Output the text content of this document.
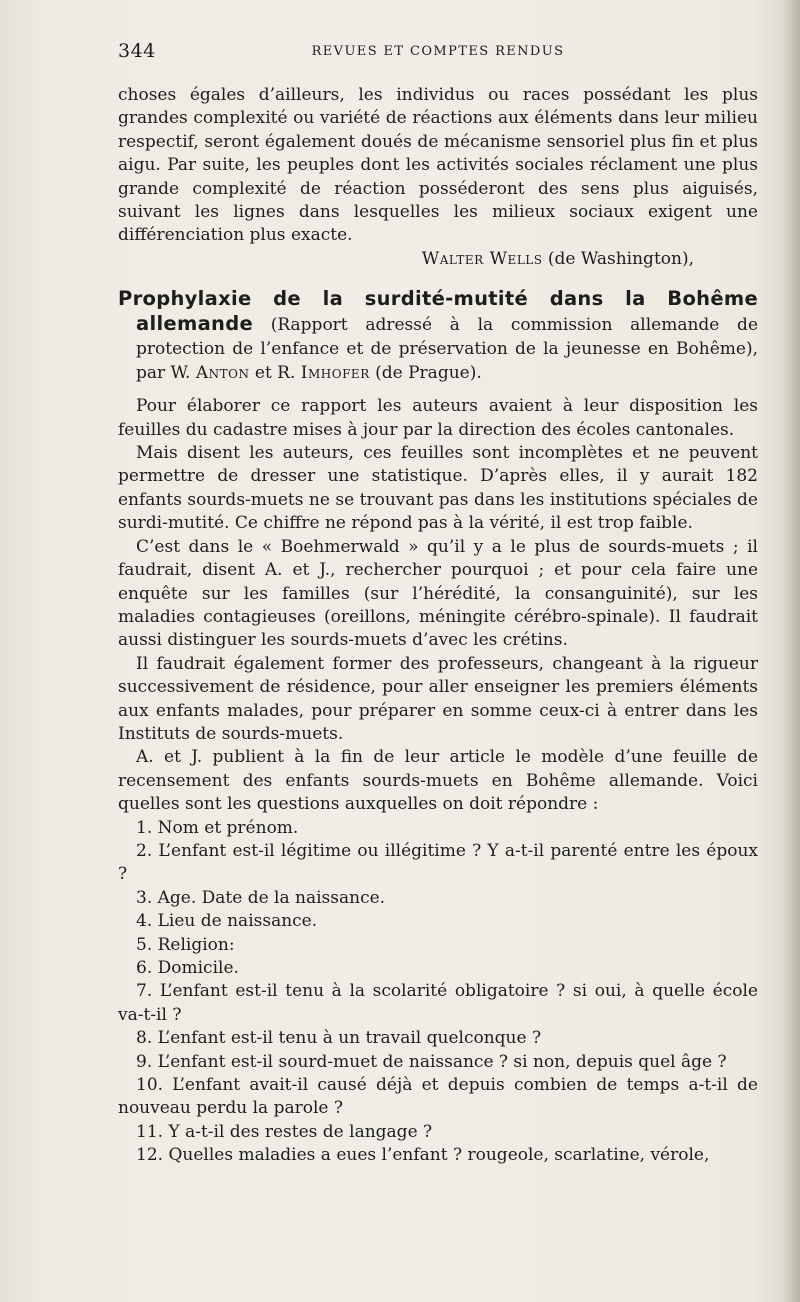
344	REVUES ET COMPTES RENDUS

choses égales d’ailleurs, les individus ou races possédant les plus grandes complexité ou variété de réactions aux éléments dans leur milieu respectif, seront également doués de mécanisme sensoriel plus fin et plus aigu. Par suite, les peuples dont les activités sociales réclament une plus grande complexité de réaction posséderont des sens plus aiguisés, suivant les lignes dans lesquelles les milieux sociaux exigent une différenciation plus exacte.

Walter Wells (de Washington),

Prophylaxie de la surdité-mutité dans la Bohême allemande (Rapport adressé à la commission allemande de protection de l’enfance et de préservation de la jeunesse en Bohême), par W. Anton et R. Imhofer (de Prague).

Pour élaborer ce rapport les auteurs avaient à leur disposition les feuilles du cadastre mises à jour par la direction des écoles cantonales.

Mais disent les auteurs, ces feuilles sont incomplètes et ne peuvent permettre de dresser une statistique. D’après elles, il y aurait 182 enfants sourds-muets ne se trouvant pas dans les institutions spéciales de surdi-mutité. Ce chiffre ne répond pas à la vérité, il est trop faible.

C’est dans le « Boehmerwald » qu’il y a le plus de sourds-muets ; il faudrait, disent A. et J., rechercher pourquoi ; et pour cela faire une enquête sur les familles (sur l’hérédité, la consanguinité), sur les maladies contagieuses (oreillons, méningite cérébro-spinale). Il faudrait aussi distinguer les sourds-muets d’avec les crétins.

Il faudrait également former des professeurs, changeant à la rigueur successivement de résidence, pour aller enseigner les premiers éléments aux enfants malades, pour préparer en somme ceux-ci à entrer dans les Instituts de sourds-muets.

A. et J. publient à la fin de leur article le modèle d’une feuille de recensement des enfants sourds-muets en Bohême allemande. Voici quelles sont les questions auxquelles on doit répondre :

1. Nom et prénom.

2. L’enfant est-il légitime ou illégitime ? Y a-t-il parenté entre les époux ?

3. Age. Date de la naissance.

4. Lieu de naissance.

5. Religion:

6. Domicile.

7. L’enfant est-il tenu à la scolarité obligatoire ? si oui, à quelle école va-t-il ?

8. L’enfant est-il tenu à un travail quelconque ?

9. L’enfant est-il sourd-muet de naissance ? si non, depuis quel âge ?

10. L’enfant avait-il causé déjà et depuis combien de temps a-t-il de nouveau perdu la parole ?

11. Y a-t-il des restes de langage ?

12. Quelles maladies a eues l’enfant ? rougeole, scarlatine, vérole,
